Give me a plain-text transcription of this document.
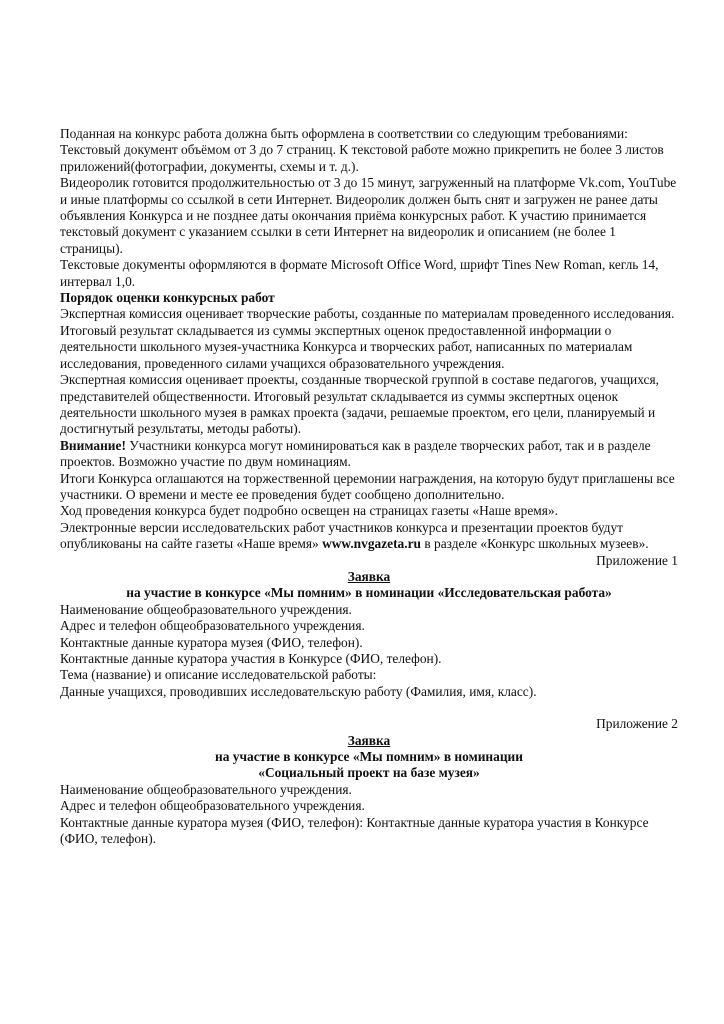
Поданная на конкурс работа должна быть оформлена в соответствии со следующим требованиями:

Текстовый документ объёмом от 3 до 7 страниц. К текстовой работе можно прикрепить не более 3 листов приложений(фотографии, документы, схемы и т. д.).

Видеоролик готовится продолжительностью от 3 до 15 минут, загруженный на платформе Vk.com, YouTube и иные платформы со ссылкой в сети Интернет. Видеоролик должен быть снят и загружен не ранее даты объявления Конкурса и не позднее даты окончания приёма конкурсных работ. К участию принимается текстовый документ с указанием ссылки в сети Интернет на видеоролик и описанием (не более 1 страницы).

Текстовые документы оформляются в формате Microsoft Office Word, шрифт Tines New Roman, кегль 14, интервал 1,0.

Порядок оценки конкурсных работ

Экспертная комиссия оценивает творческие работы, созданные по материалам проведенного исследования.

Итоговый результат складывается из суммы экспертных оценок предоставленной информации о деятельности школьного музея-участника Конкурса и творческих работ, написанных по материалам исследования, проведенного силами учащихся образовательного учреждения.

Экспертная комиссия оценивает проекты, созданные творческой группой в составе педагогов, учащихся, представителей общественности. Итоговый результат складывается из суммы экспертных оценок деятельности школьного музея в рамках проекта (задачи, решаемые проектом, его цели, планируемый и достигнутый результаты, методы работы).

Внимание! Участники конкурса могут номинироваться как в разделе творческих работ, так и в разделе проектов. Возможно участие по двум номинациям.

Итоги Конкурса оглашаются на торжественной церемонии награждения, на которую будут приглашены все участники. О времени и месте ее проведения будет сообщено дополнительно.

Ход проведения конкурса будет подробно освещен на страницах газеты «Наше время».

Электронные версии исследовательских работ участников конкурса и презентации проектов будут опубликованы на сайте газеты «Наше время» www.nvgazeta.ru в разделе «Конкурс школьных музеев».

Приложение 1

Заявка

на участие в конкурсе «Мы помним» в номинации «Исследовательская работа»

Наименование общеобразовательного учреждения.

Адрес и телефон общеобразовательного учреждения.

Контактные данные куратора музея (ФИО, телефон).

Контактные данные куратора участия в Конкурсе (ФИО, телефон).

Тема (название) и описание исследовательской работы:

Данные учащихся, проводивших исследовательскую работу (Фамилия, имя, класс).

Приложение 2

Заявка

на участие в конкурсе «Мы помним» в номинации

«Социальный проект на базе музея»

Наименование общеобразовательного учреждения.

Адрес и телефон общеобразовательного учреждения.

Контактные данные куратора музея (ФИО, телефон): Контактные данные куратора участия в Конкурсе (ФИО, телефон).
